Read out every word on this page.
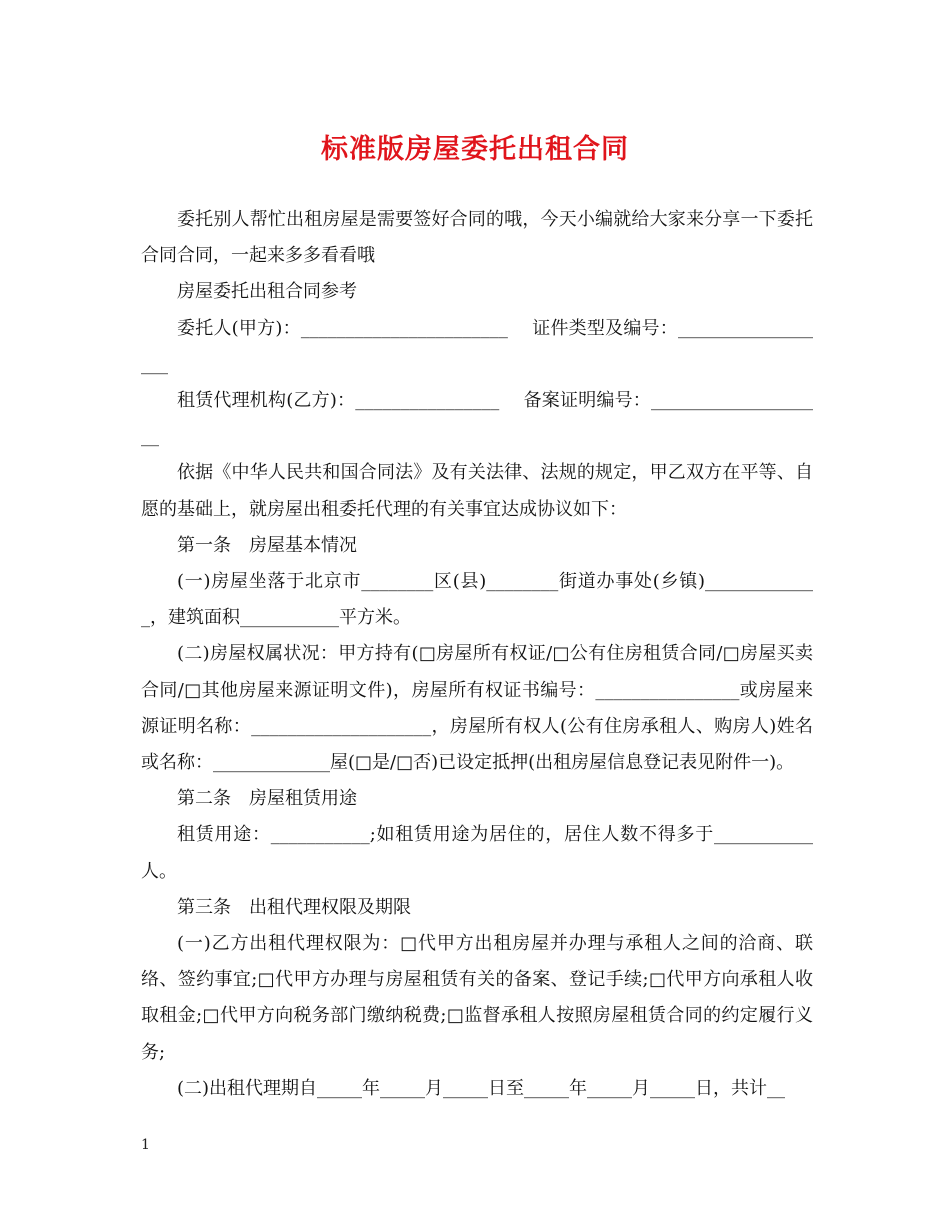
标准版房屋委托出租合同

委托别人帮忙出租房屋是需要签好合同的哦，今天小编就给大家来分享一下委托合同合同，一起来多多看看哦

房屋委托出租合同参考

委托人(甲方)：_______________________　 证件类型及编号：__________________

租赁代理机构(乙方)：________________　 备案证明编号：____________________

依据《中华人民共和国合同法》及有关法律、法规的规定，甲乙双方在平等、自愿的基础上，就房屋出租委托代理的有关事宜达成协议如下：

第一条　房屋基本情况

(一)房屋坐落于北京市________区(县)________街道办事处(乡镇)_____________，建筑面积___________平方米。

(二)房屋权属状况：甲方持有(□房屋所有权证/□公有住房租赁合同/□房屋买卖合同/□其他房屋来源证明文件)，房屋所有权证书编号：________________或房屋来源证明名称：____________________，房屋所有权人(公有住房承租人、购房人)姓名或名称：_____________屋(□是/□否)已设定抵押(出租房屋信息登记表见附件一)。

第二条　房屋租赁用途

租赁用途：___________;如租赁用途为居住的，居住人数不得多于___________人。

第三条　出租代理权限及期限

(一)乙方出租代理权限为：□代甲方出租房屋并办理与承租人之间的洽商、联络、签约事宜;□代甲方办理与房屋租赁有关的备案、登记手续;□代甲方向承租人收取租金;□代甲方向税务部门缴纳税费;□监督承租人按照房屋租赁合同的约定履行义务;

(二)出租代理期自_____年_____月_____日至_____年_____月_____日，共计__

1
